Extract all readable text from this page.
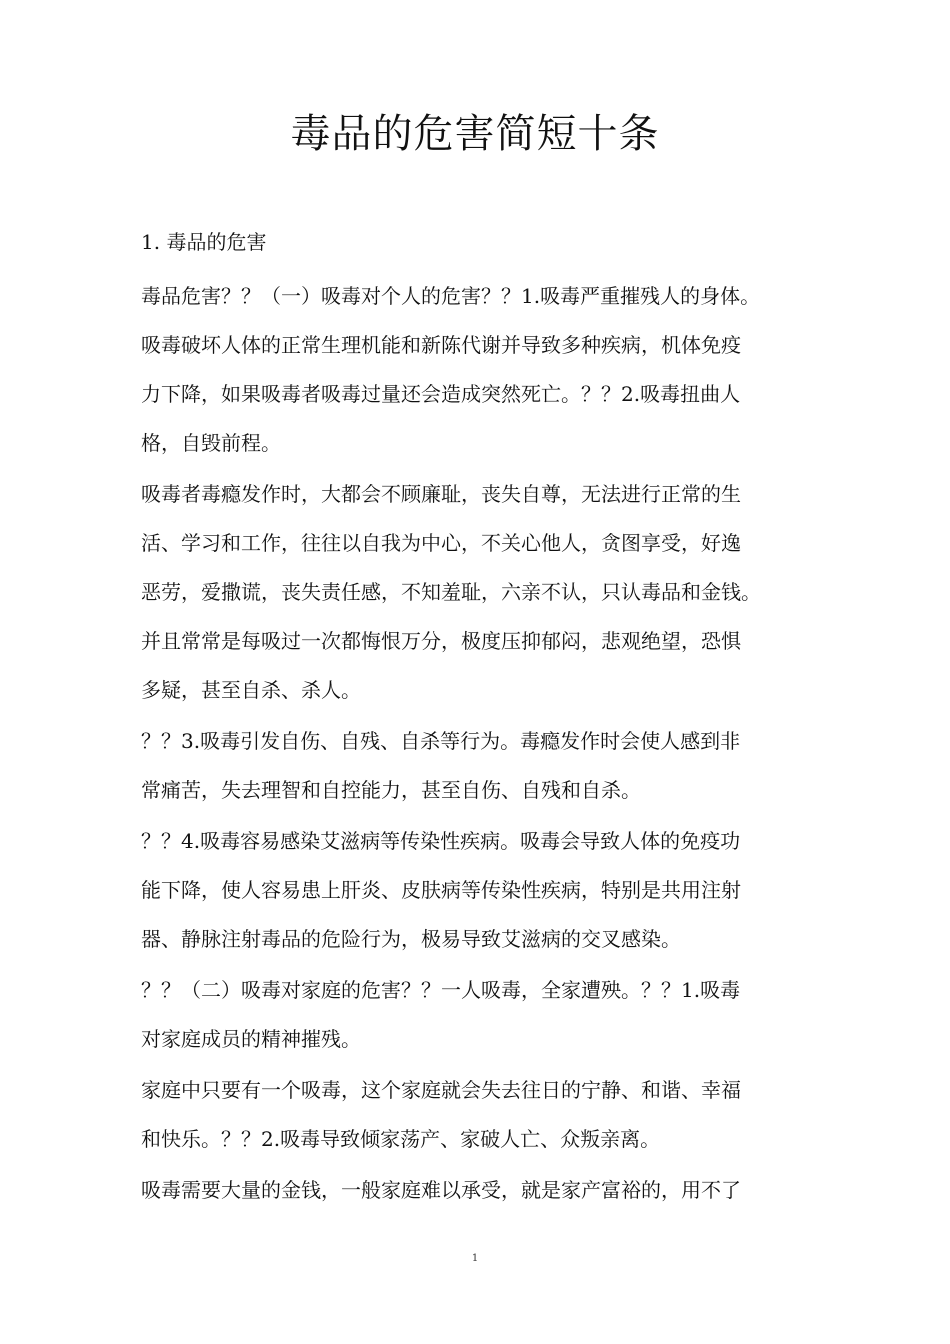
毒品的危害简短十条
1. 毒品的危害
毒品危害？？（一）吸毒对个人的危害？？1.吸毒严重摧残人的身体。
吸毒破坏人体的正常生理机能和新陈代谢并导致多种疾病，机体免疫
力下降，如果吸毒者吸毒过量还会造成突然死亡。？？2.吸毒扭曲人
格，自毁前程。
吸毒者毒瘾发作时，大都会不顾廉耻，丧失自尊，无法进行正常的生
活、学习和工作，往往以自我为中心，不关心他人，贪图享受，好逸
恶劳，爱撒谎，丧失责任感，不知羞耻，六亲不认，只认毒品和金钱。
并且常常是每吸过一次都悔恨万分，极度压抑郁闷，悲观绝望，恐惧
多疑，甚至自杀、杀人。
？？3.吸毒引发自伤、自残、自杀等行为。毒瘾发作时会使人感到非
常痛苦，失去理智和自控能力，甚至自伤、自残和自杀。
？？4.吸毒容易感染艾滋病等传染性疾病。吸毒会导致人体的免疫功
能下降，使人容易患上肝炎、皮肤病等传染性疾病，特别是共用注射
器、静脉注射毒品的危险行为，极易导致艾滋病的交叉感染。
？？（二）吸毒对家庭的危害？？一人吸毒，全家遭殃。？？1.吸毒
对家庭成员的精神摧残。
家庭中只要有一个吸毒，这个家庭就会失去往日的宁静、和谐、幸福
和快乐。？？2.吸毒导致倾家荡产、家破人亡、众叛亲离。
吸毒需要大量的金钱，一般家庭难以承受，就是家产富裕的，用不了
1
